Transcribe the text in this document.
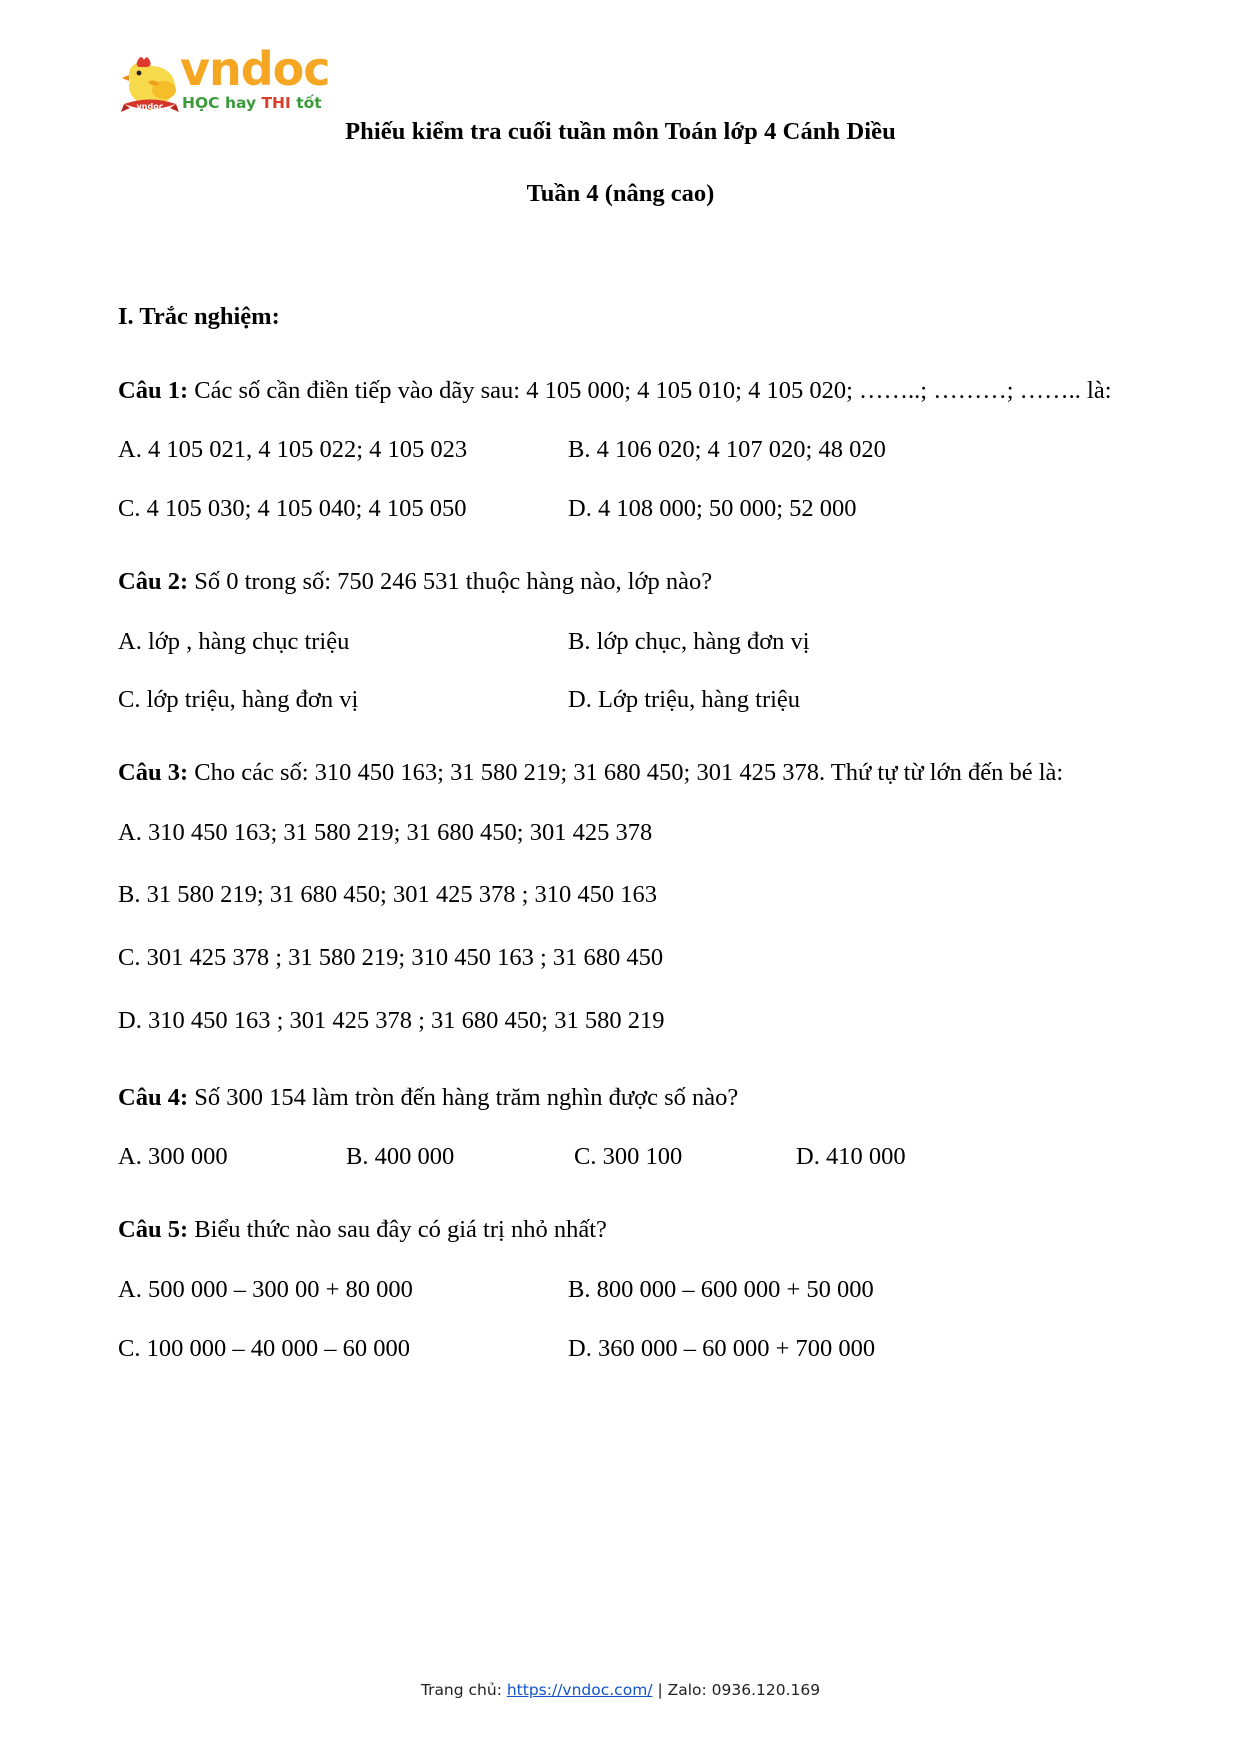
vndoc
vndoc
HỌC hay THI tốt
Phiếu kiểm tra cuối tuần môn Toán lớp 4 Cánh Diều
Tuần 4 (nâng cao)
I. Trắc nghiệm:

Câu 1: Các số cần điền tiếp vào dãy sau: 4 105 000; 4 105 010; 4 105 020; ……..; ………; …….. là:

A. 4 105 021, 4 105 022; 4 105 023	B. 4 106 020; 4 107 020; 48 020
C. 4 105 030; 4 105 040; 4 105 050	D. 4 108 000; 50 000; 52 000

Câu 2: Số 0 trong số: 750 246 531 thuộc hàng nào, lớp nào?

A. lớp , hàng chục triệu	B. lớp chục, hàng đơn vị
C. lớp triệu, hàng đơn vị	D. Lớp triệu, hàng triệu

Câu 3: Cho các số: 310 450 163; 31 580 219; 31 680 450; 301 425 378. Thứ tự từ lớn đến bé là:

A. 310 450 163; 31 580 219; 31 680 450; 301 425 378
B. 31 580 219; 31 680 450; 301 425 378 ; 310 450 163
C. 301 425 378 ; 31 580 219; 310 450 163 ; 31 680 450
D. 310 450 163 ; 301 425 378 ; 31 680 450; 31 580 219

Câu 4: Số 300 154 làm tròn đến hàng trăm nghìn được số nào?

A. 300 000	B. 400 000	C. 300 100	D. 410 000

Câu 5: Biểu thức nào sau đây có giá trị nhỏ nhất?

A. 500 000 – 300 00 + 80 000	B. 800 000 – 600 000 + 50 000
C. 100 000 – 40 000 – 60 000	D. 360 000 – 60 000 + 700 000
Trang chủ: https://vndoc.com/ | Zalo: 0936.120.169
